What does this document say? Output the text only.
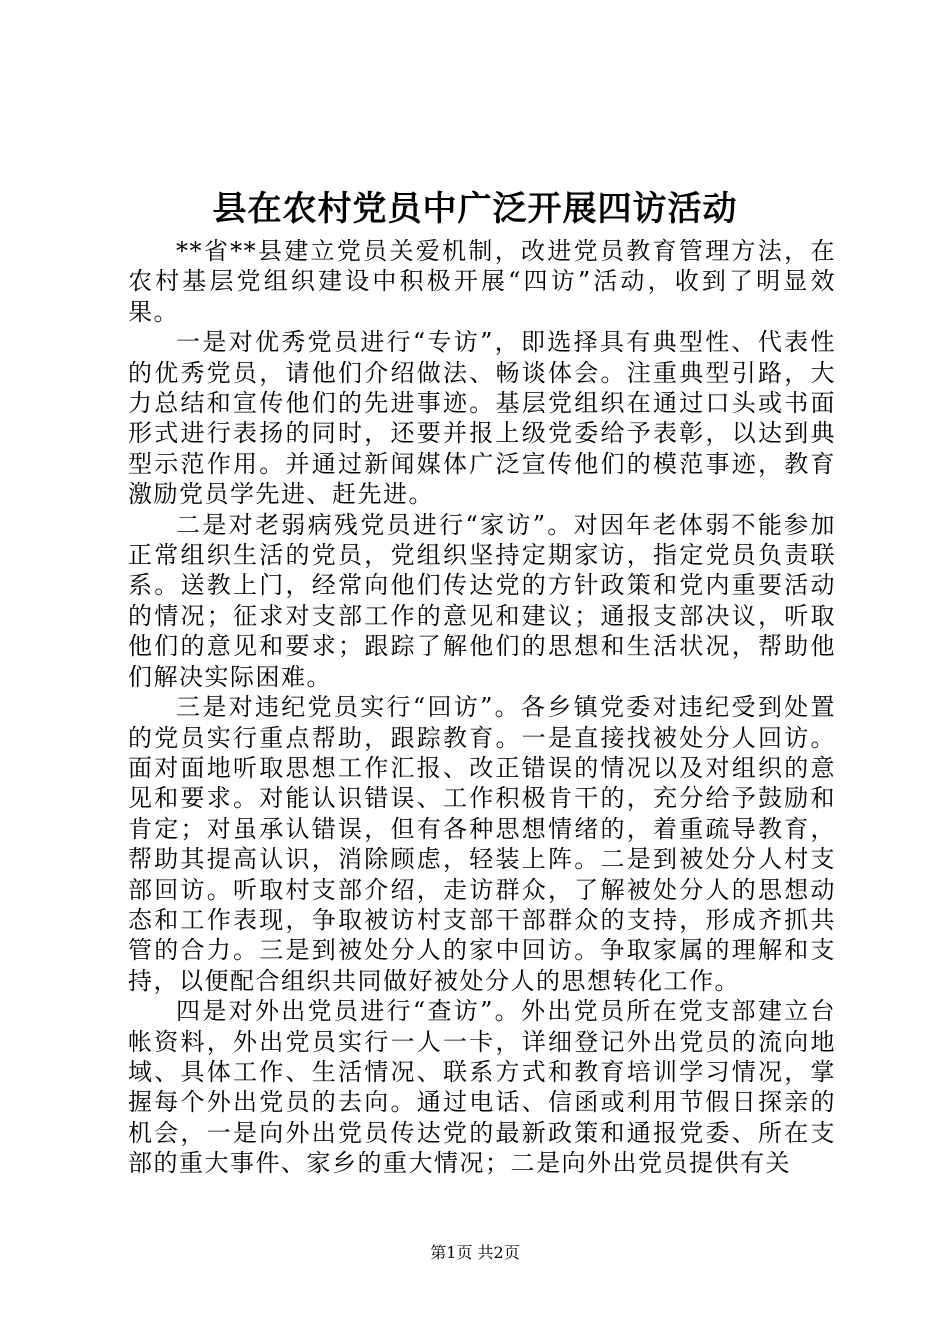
县在农村党员中广泛开展四访活动

**省**县建立党员关爱机制，改进党员教育管理方法，在农村基层党组织建设中积极开展“四访”活动，收到了明显效果。

一是对优秀党员进行“专访”，即选择具有典型性、代表性的优秀党员，请他们介绍做法、畅谈体会。注重典型引路，大力总结和宣传他们的先进事迹。基层党组织在通过口头或书面形式进行表扬的同时，还要并报上级党委给予表彰，以达到典型示范作用。并通过新闻媒体广泛宣传他们的模范事迹，教育激励党员学先进、赶先进。

二是对老弱病残党员进行“家访”。对因年老体弱不能参加正常组织生活的党员，党组织坚持定期家访，指定党员负责联系。送教上门，经常向他们传达党的方针政策和党内重要活动的情况；征求对支部工作的意见和建议；通报支部决议，听取他们的意见和要求；跟踪了解他们的思想和生活状况，帮助他们解决实际困难。

三是对违纪党员实行“回访”。各乡镇党委对违纪受到处置的党员实行重点帮助，跟踪教育。一是直接找被处分人回访。面对面地听取思想工作汇报、改正错误的情况以及对组织的意见和要求。对能认识错误、工作积极肯干的，充分给予鼓励和肯定；对虽承认错误，但有各种思想情绪的，着重疏导教育，帮助其提高认识，消除顾虑，轻装上阵。二是到被处分人村支部回访。听取村支部介绍，走访群众，了解被处分人的思想动态和工作表现，争取被访村支部干部群众的支持，形成齐抓共管的合力。三是到被处分人的家中回访。争取家属的理解和支持，以便配合组织共同做好被处分人的思想转化工作。

四是对外出党员进行“查访”。外出党员所在党支部建立台帐资料，外出党员实行一人一卡，详细登记外出党员的流向地域、具体工作、生活情况、联系方式和教育培训学习情况，掌握每个外出党员的去向。通过电话、信函或利用节假日探亲的机会，一是向外出党员传达党的最新政策和通报党委、所在支部的重大事件、家乡的重大情况；二是向外出党员提供有关

第1页 共2页
